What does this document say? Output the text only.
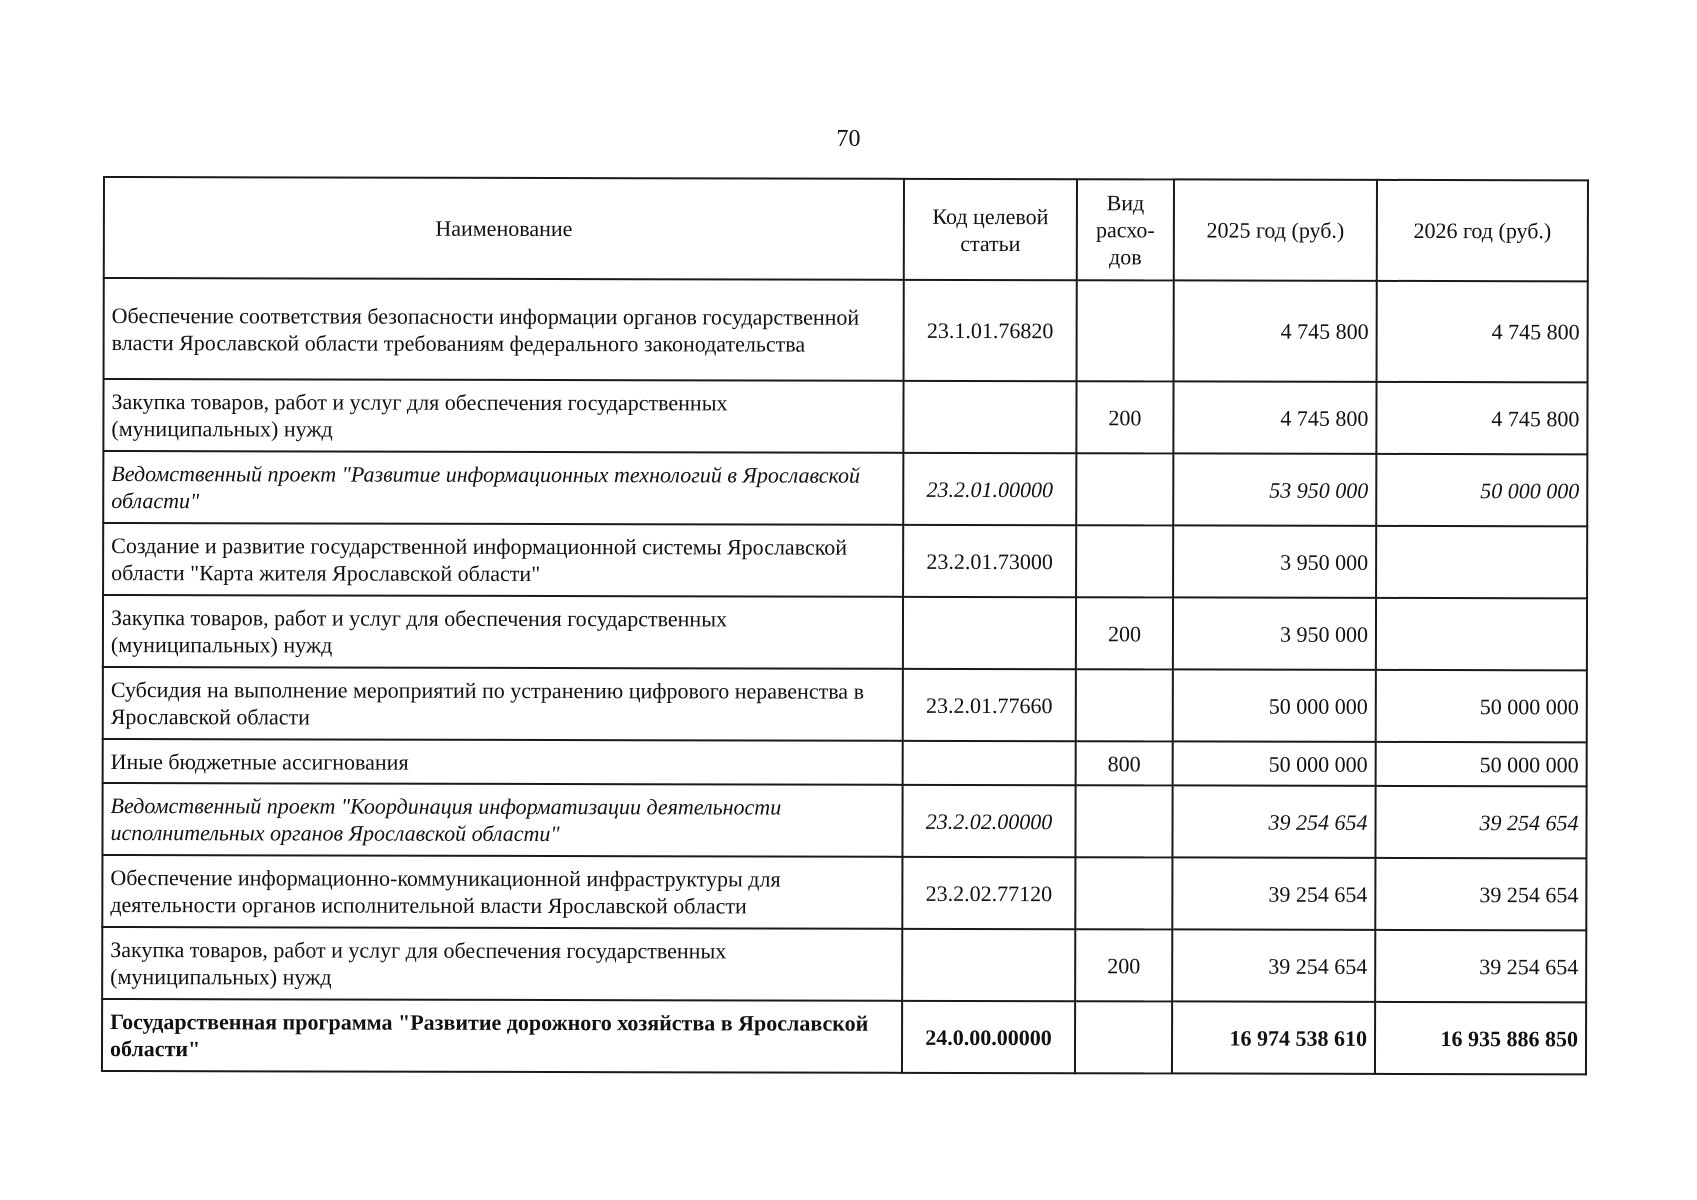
70
Наименование	Код целевой статьи	Вид расхо-дов	2025 год (руб.)	2026 год (руб.)
Обеспечение соответствия безопасности информации органов государственной власти Ярославской области требованиям федерального законодательства	23.1.01.76820		4 745 800	4 745 800
Закупка товаров, работ и услуг для обеспечения государственных (муниципальных) нужд		200	4 745 800	4 745 800
Ведомственный проект "Развитие информационных технологий в Ярославской области"	23.2.01.00000		53 950 000	50 000 000
Создание и развитие государственной информационной системы Ярославской области "Карта жителя Ярославской области"	23.2.01.73000		3 950 000	
Закупка товаров, работ и услуг для обеспечения государственных (муниципальных) нужд		200	3 950 000	
Субсидия на выполнение мероприятий по устранению цифрового неравенства в Ярославской области	23.2.01.77660		50 000 000	50 000 000
Иные бюджетные ассигнования		800	50 000 000	50 000 000
Ведомственный проект "Координация информатизации деятельности исполнительных органов Ярославской области"	23.2.02.00000		39 254 654	39 254 654
Обеспечение информационно-коммуникационной инфраструктуры для деятельности органов исполнительной власти Ярославской области	23.2.02.77120		39 254 654	39 254 654
Закупка товаров, работ и услуг для обеспечения государственных (муниципальных) нужд		200	39 254 654	39 254 654
Государственная программа "Развитие дорожного хозяйства в Ярославской области"	24.0.00.00000		16 974 538 610	16 935 886 850
